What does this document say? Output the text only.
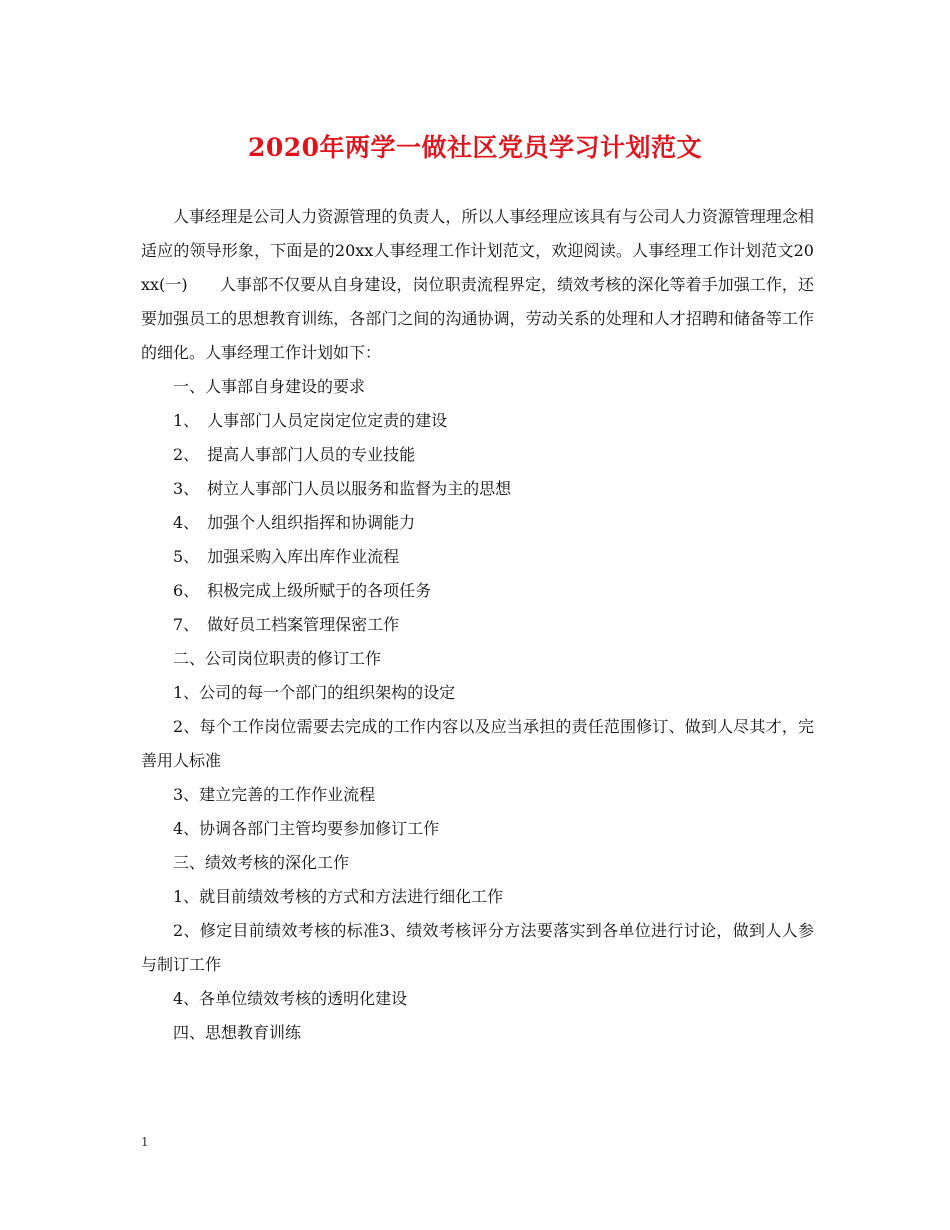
2020年两学一做社区党员学习计划范文

人事经理是公司人力资源管理的负责人，所以人事经理应该具有与公司人力资源管理理念相适应的领导形象，下面是的20xx人事经理工作计划范文，欢迎阅读。人事经理工作计划范文20xx(一)　　人事部不仅要从自身建设，岗位职责流程界定，绩效考核的深化等着手加强工作，还要加强员工的思想教育训练，各部门之间的沟通协调，劳动关系的处理和人才招聘和储备等工作的细化。人事经理工作计划如下：

一、人事部自身建设的要求

1、　人事部门人员定岗定位定责的建设

2、　提高人事部门人员的专业技能

3、　树立人事部门人员以服务和监督为主的思想

4、　加强个人组织指挥和协调能力

5、　加强采购入库出库作业流程

6、　积极完成上级所赋于的各项任务

7、　做好员工档案管理保密工作

二、公司岗位职责的修订工作

1、公司的每一个部门的组织架构的设定

2、每个工作岗位需要去完成的工作内容以及应当承担的责任范围修订、做到人尽其才，完善用人标准

3、建立完善的工作作业流程

4、协调各部门主管均要参加修订工作

三、绩效考核的深化工作

1、就目前绩效考核的方式和方法进行细化工作

2、修定目前绩效考核的标准3、绩效考核评分方法要落实到各单位进行讨论，做到人人参与制订工作

4、各单位绩效考核的透明化建设

四、思想教育训练

1
